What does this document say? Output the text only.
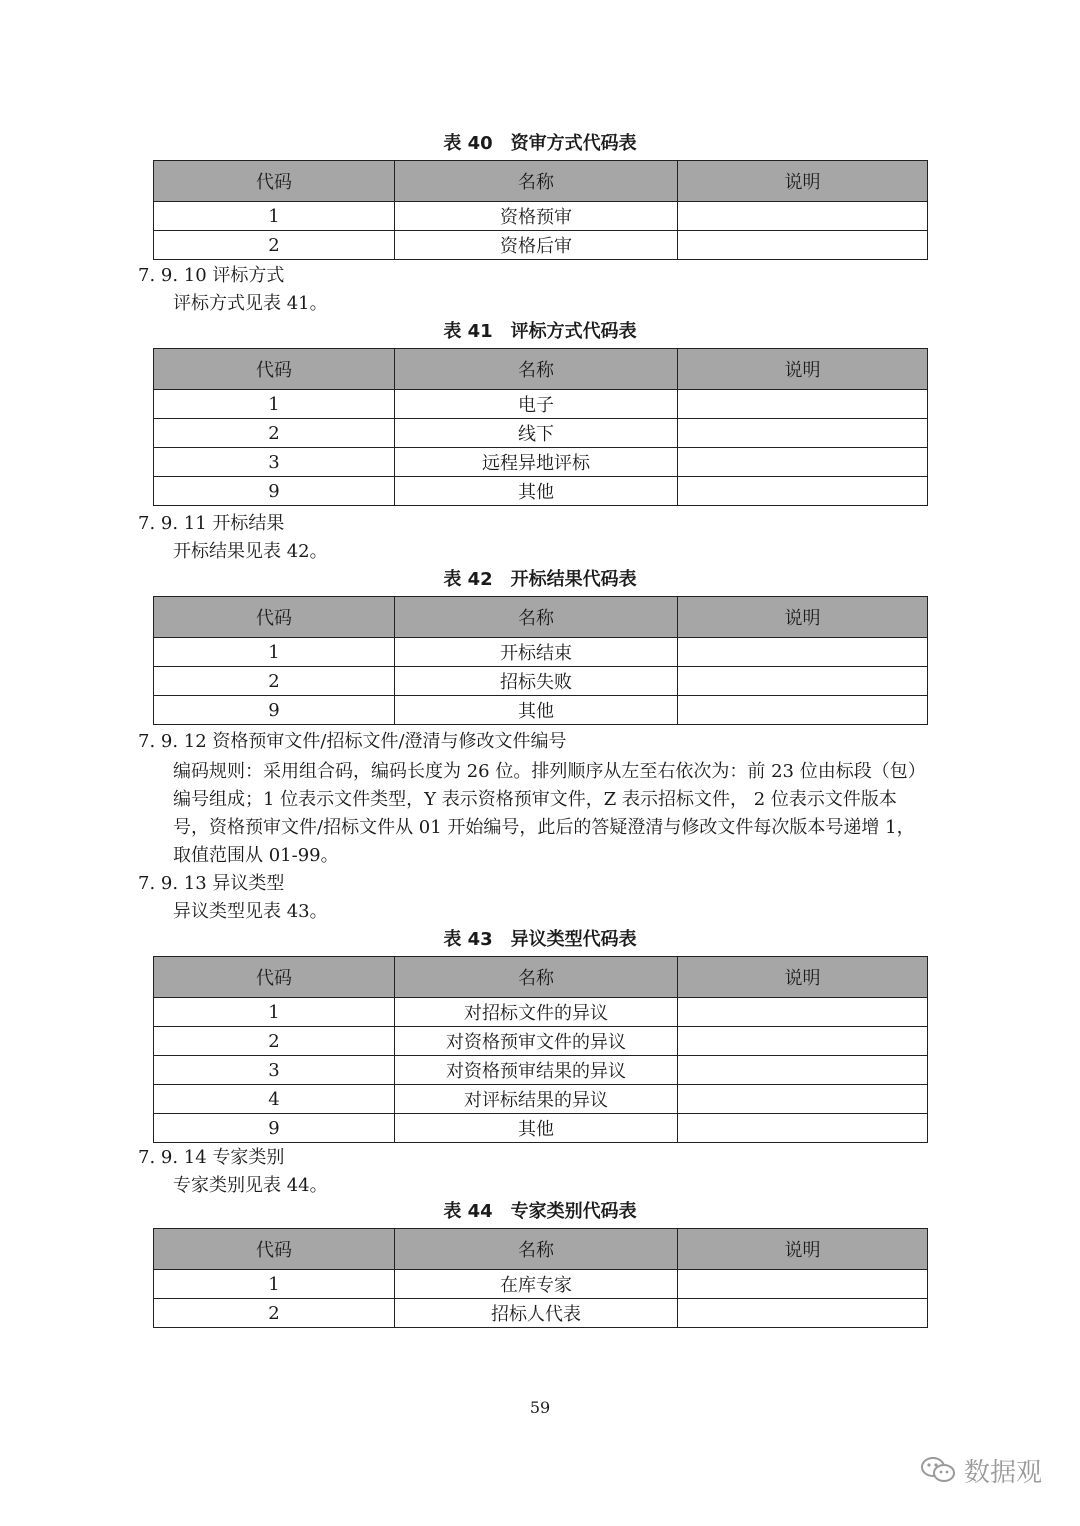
表 40　资审方式代码表
代码	名称	说明
1	资格预审	
2	资格后审	
7. 9. 10 评标方式
评标方式见表 41。
表 41　评标方式代码表
代码	名称	说明
1	电子	
2	线下	
3	远程异地评标	
9	其他	
7. 9. 11 开标结果
开标结果见表 42。
表 42　开标结果代码表
代码	名称	说明
1	开标结束	
2	招标失败	
9	其他	
7. 9. 12 资格预审文件/招标文件/澄清与修改文件编号
编码规则：采用组合码，编码长度为 26 位。排列顺序从左至右依次为：前 23 位由标段（包）
编号组成；1 位表示文件类型，Y 表示资格预审文件，Z 表示招标文件， 2 位表示文件版本
号，资格预审文件/招标文件从 01 开始编号，此后的答疑澄清与修改文件每次版本号递增 1，
取值范围从 01-99。
7. 9. 13 异议类型
异议类型见表 43。
表 43　异议类型代码表
代码	名称	说明
1	对招标文件的异议	
2	对资格预审文件的异议	
3	对资格预审结果的异议	
4	对评标结果的异议	
9	其他	
7. 9. 14 专家类别
专家类别见表 44。
表 44　专家类别代码表
代码	名称	说明
1	在库专家	
2	招标人代表	
59
数据观
